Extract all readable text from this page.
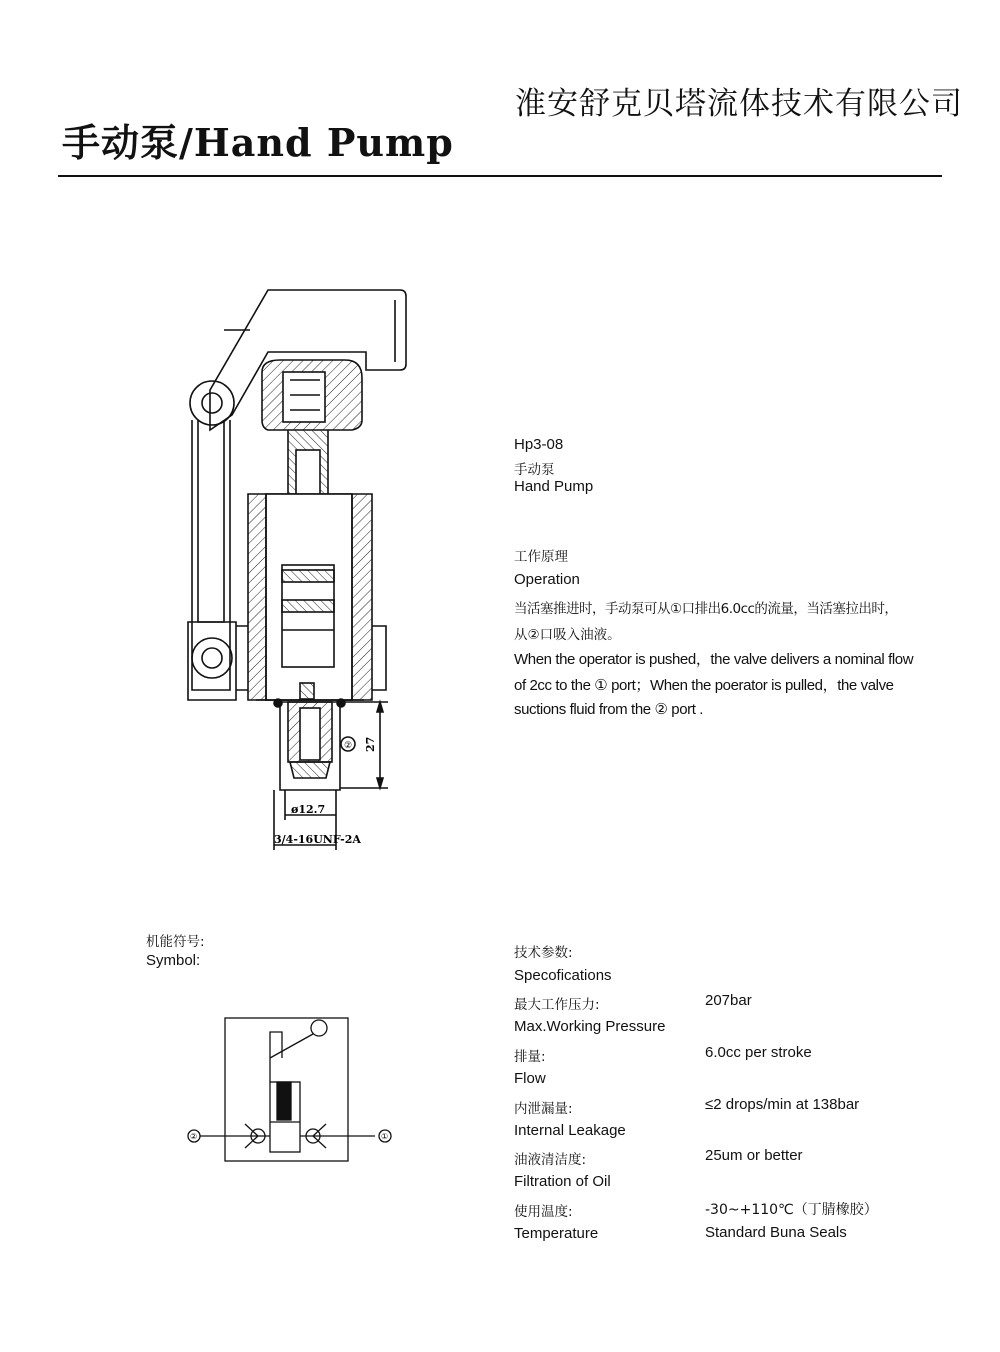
淮安舒克贝塔流体技术有限公司
手动泵/Hand Pump
② 27
ø12.7
3/4-16UNF-2A
Hp3-08
手动泵
Hand Pump
工作原理
Operation
当活塞推进时，手动泵可从①口排出6.0cc的流量，当活塞拉出时，
从②口吸入油液。
When the operator is pushed，the valve delivers a nominal flow
of 2cc to the ① port；When the poerator is pulled，the valve
suctions fluid from the ② port .
机能符号:
Symbol:
②	①
技术参数:
Specofications
最大工作压力:	207bar
Max.Working Pressure
排量:	6.0cc per stroke
Flow
内泄漏量:	≤2 drops/min at 138bar
Internal Leakage
油液清洁度:	25um or better
Filtration of Oil
使用温度:	-30~+110℃（丁腈橡胶）
Temperature	Standard Buna Seals
